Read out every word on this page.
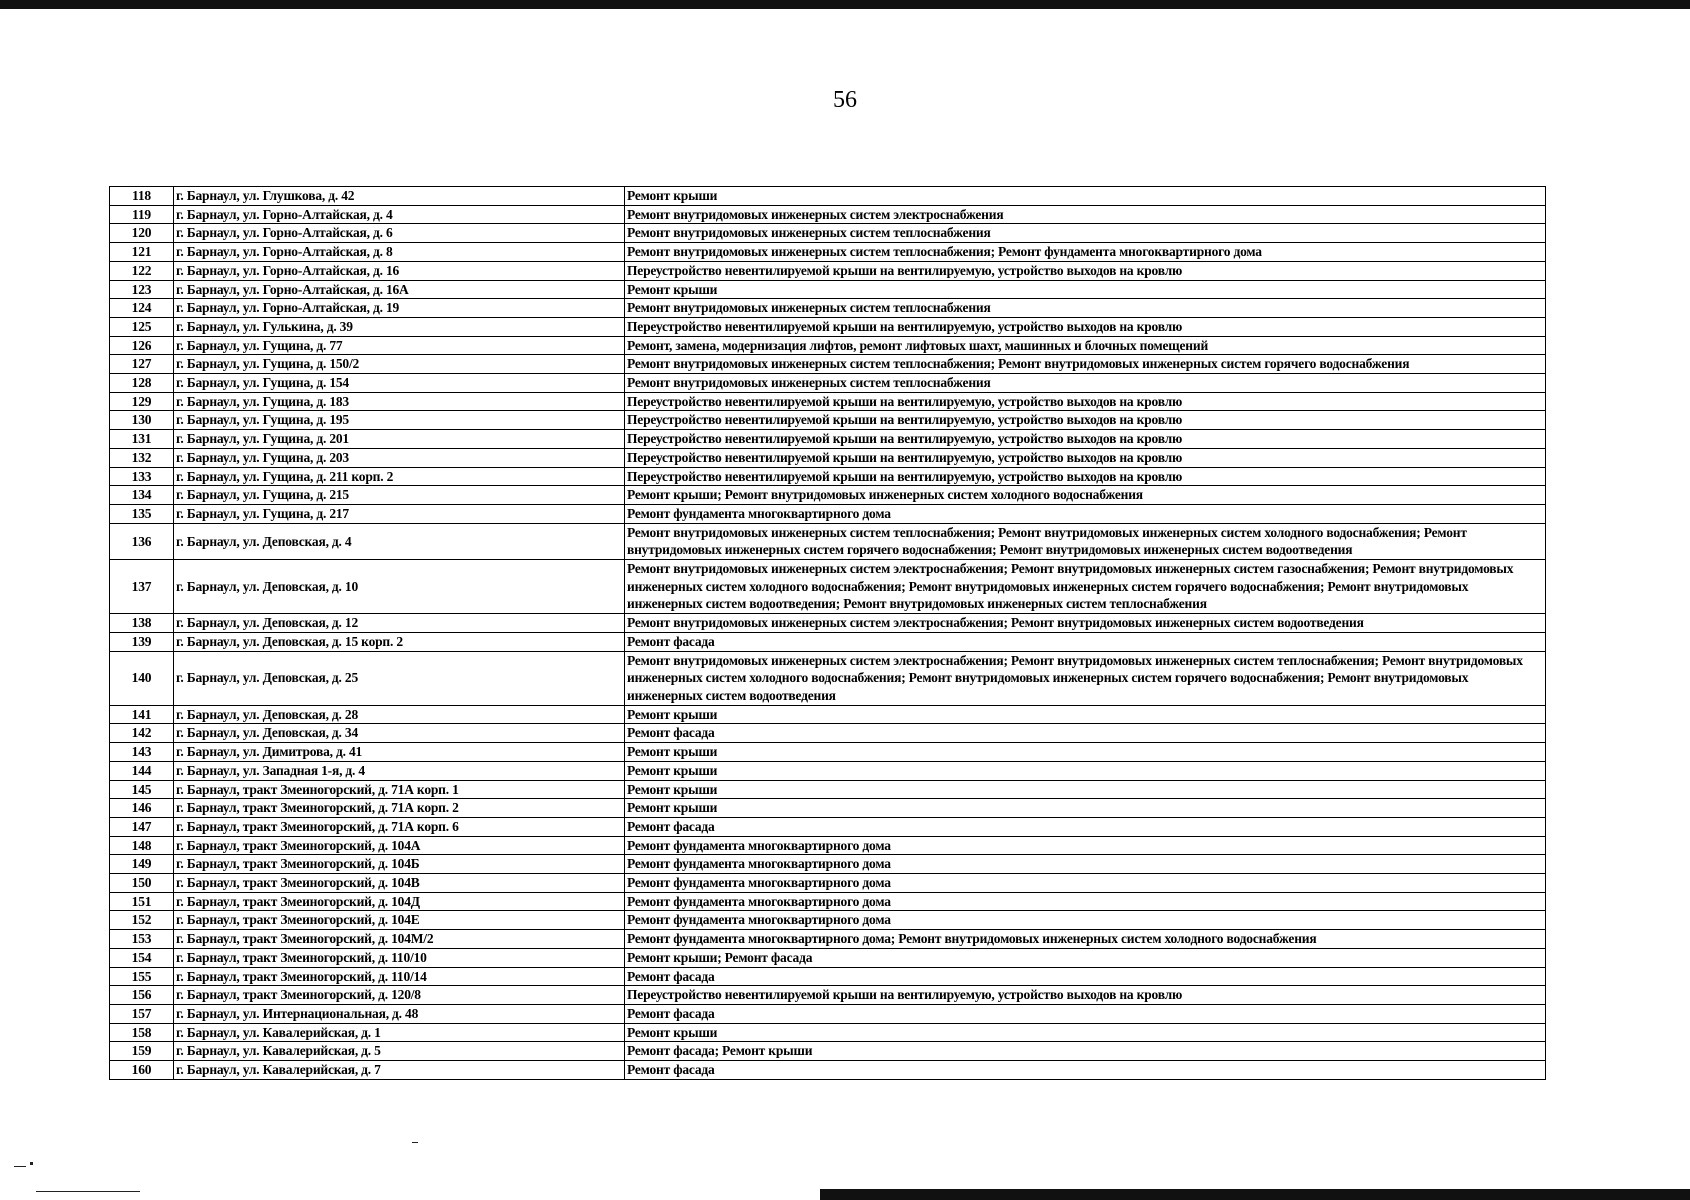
56
118	г. Барнаул, ул. Глушкова, д. 42	Ремонт крыши
119	г. Барнаул, ул. Горно-Алтайская, д. 4	Ремонт внутридомовых инженерных систем электроснабжения
120	г. Барнаул, ул. Горно-Алтайская, д. 6	Ремонт внутридомовых инженерных систем теплоснабжения
121	г. Барнаул, ул. Горно-Алтайская, д. 8	Ремонт внутридомовых инженерных систем теплоснабжения; Ремонт фундамента многоквартирного дома
122	г. Барнаул, ул. Горно-Алтайская, д. 16	Переустройство невентилируемой крыши на вентилируемую, устройство выходов на кровлю
123	г. Барнаул, ул. Горно-Алтайская, д. 16А	Ремонт крыши
124	г. Барнаул, ул. Горно-Алтайская, д. 19	Ремонт внутридомовых инженерных систем теплоснабжения
125	г. Барнаул, ул. Гулькина, д. 39	Переустройство невентилируемой крыши на вентилируемую, устройство выходов на кровлю
126	г. Барнаул, ул. Гущина, д. 77	Ремонт, замена, модернизация лифтов, ремонт лифтовых шахт, машинных и блочных помещений
127	г. Барнаул, ул. Гущина, д. 150/2	Ремонт внутридомовых инженерных систем теплоснабжения; Ремонт внутридомовых инженерных систем горячего водоснабжения
128	г. Барнаул, ул. Гущина, д. 154	Ремонт внутридомовых инженерных систем теплоснабжения
129	г. Барнаул, ул. Гущина, д. 183	Переустройство невентилируемой крыши на вентилируемую, устройство выходов на кровлю
130	г. Барнаул, ул. Гущина, д. 195	Переустройство невентилируемой крыши на вентилируемую, устройство выходов на кровлю
131	г. Барнаул, ул. Гущина, д. 201	Переустройство невентилируемой крыши на вентилируемую, устройство выходов на кровлю
132	г. Барнаул, ул. Гущина, д. 203	Переустройство невентилируемой крыши на вентилируемую, устройство выходов на кровлю
133	г. Барнаул, ул. Гущина, д. 211 корп. 2	Переустройство невентилируемой крыши на вентилируемую, устройство выходов на кровлю
134	г. Барнаул, ул. Гущина, д. 215	Ремонт крыши; Ремонт внутридомовых инженерных систем холодного водоснабжения
135	г. Барнаул, ул. Гущина, д. 217	Ремонт фундамента многоквартирного дома
136	г. Барнаул, ул. Деповская, д. 4	Ремонт внутридомовых инженерных систем теплоснабжения; Ремонт внутридомовых инженерных систем холодного водоснабжения; Ремонт внутридомовых инженерных систем горячего водоснабжения; Ремонт внутридомовых инженерных систем водоотведения
137	г. Барнаул, ул. Деповская, д. 10	Ремонт внутридомовых инженерных систем электроснабжения; Ремонт внутридомовых инженерных систем газоснабжения; Ремонт внутридомовых инженерных систем холодного водоснабжения; Ремонт внутридомовых инженерных систем горячего водоснабжения; Ремонт внутридомовых инженерных систем водоотведения; Ремонт внутридомовых инженерных систем теплоснабжения
138	г. Барнаул, ул. Деповская, д. 12	Ремонт внутридомовых инженерных систем электроснабжения; Ремонт внутридомовых инженерных систем водоотведения
139	г. Барнаул, ул. Деповская, д. 15 корп. 2	Ремонт фасада
140	г. Барнаул, ул. Деповская, д. 25	Ремонт внутридомовых инженерных систем электроснабжения; Ремонт внутридомовых инженерных систем теплоснабжения; Ремонт внутридомовых инженерных систем холодного водоснабжения; Ремонт внутридомовых инженерных систем горячего водоснабжения; Ремонт внутридомовых инженерных систем водоотведения
141	г. Барнаул, ул. Деповская, д. 28	Ремонт крыши
142	г. Барнаул, ул. Деповская, д. 34	Ремонт фасада
143	г. Барнаул, ул. Димитрова, д. 41	Ремонт крыши
144	г. Барнаул, ул. Западная 1-я, д. 4	Ремонт крыши
145	г. Барнаул, тракт Змеиногорский, д. 71А корп. 1	Ремонт крыши
146	г. Барнаул, тракт Змеиногорский, д. 71А корп. 2	Ремонт крыши
147	г. Барнаул, тракт Змеиногорский, д. 71А корп. 6	Ремонт фасада
148	г. Барнаул, тракт Змеиногорский, д. 104А	Ремонт фундамента многоквартирного дома
149	г. Барнаул, тракт Змеиногорский, д. 104Б	Ремонт фундамента многоквартирного дома
150	г. Барнаул, тракт Змеиногорский, д. 104В	Ремонт фундамента многоквартирного дома
151	г. Барнаул, тракт Змеиногорский, д. 104Д	Ремонт фундамента многоквартирного дома
152	г. Барнаул, тракт Змеиногорский, д. 104Е	Ремонт фундамента многоквартирного дома
153	г. Барнаул, тракт Змеиногорский, д. 104М/2	Ремонт фундамента многоквартирного дома; Ремонт внутридомовых инженерных систем холодного водоснабжения
154	г. Барнаул, тракт Змеиногорский, д. 110/10	Ремонт крыши; Ремонт фасада
155	г. Барнаул, тракт Змеиногорский, д. 110/14	Ремонт фасада
156	г. Барнаул, тракт Змеиногорский, д. 120/8	Переустройство невентилируемой крыши на вентилируемую, устройство выходов на кровлю
157	г. Барнаул, ул. Интернациональная, д. 48	Ремонт фасада
158	г. Барнаул, ул. Кавалерийская, д. 1	Ремонт крыши
159	г. Барнаул, ул. Кавалерийская, д. 5	Ремонт фасада; Ремонт крыши
160	г. Барнаул, ул. Кавалерийская, д. 7	Ремонт фасада
